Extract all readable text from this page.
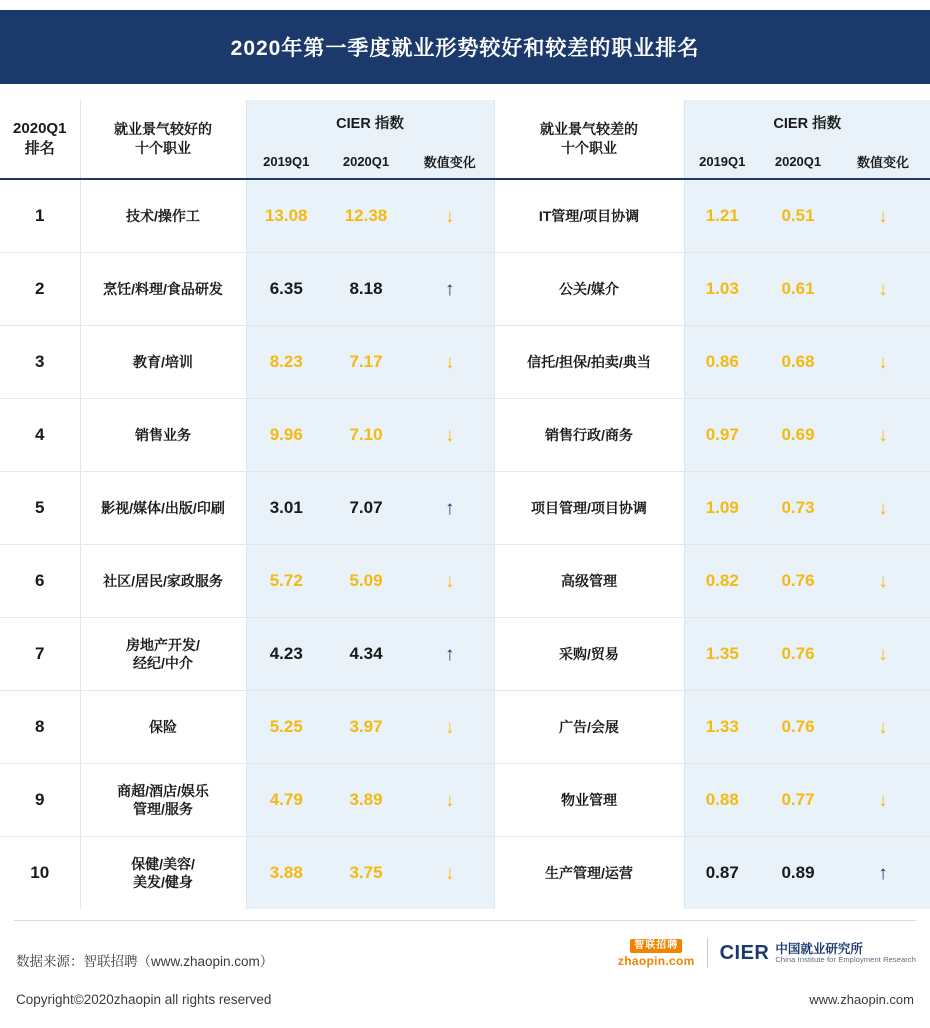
2020年第一季度就业形势较好和较差的职业排名
2020Q1
排名

就业景气较好的
十个职业
	CIER 指数	就业景气较差的
十个职业
	CIER 指数
		2019Q1	2020Q1	数值变化		2019Q1	2020Q1	数值变化

1	技术/操作工	13.08	12.38	↓	IT管理/项目协调	1.21	0.51	↓
2	烹饪/料理/食品研发	6.35	8.18	↑	公关/媒介	1.03	0.61	↓
3	教育/培训	8.23	7.17	↓	信托/担保/拍卖/典当	0.86	0.68	↓
4	销售业务	9.96	7.10	↓	销售行政/商务	0.97	0.69	↓
5	影视/媒体/出版/印刷	3.01	7.07	↑	项目管理/项目协调	1.09	0.73	↓
6	社区/居民/家政服务	5.72	5.09	↓	高级管理	0.82	0.76	↓
7	房地产开发/
经纪/中介	4.23	4.34	↑	采购/贸易	1.35	0.76	↓
8	保险	5.25	3.97	↓	广告/会展	1.33	0.76	↓
9	商超/酒店/娱乐
管理/服务	4.79	3.89	↓	物业管理	0.88	0.77	↓
10	保健/美容/
美发/健身	3.88	3.75	↓	生产管理/运营	0.87	0.89	↑
数据来源：智联招聘（www.zhaopin.com）
智联招聘
zhaopin.com CIER 中国就业研究所
China Institute for Employment Research
Copyright©2020zhaopin all rights reserved	www.zhaopin.com
